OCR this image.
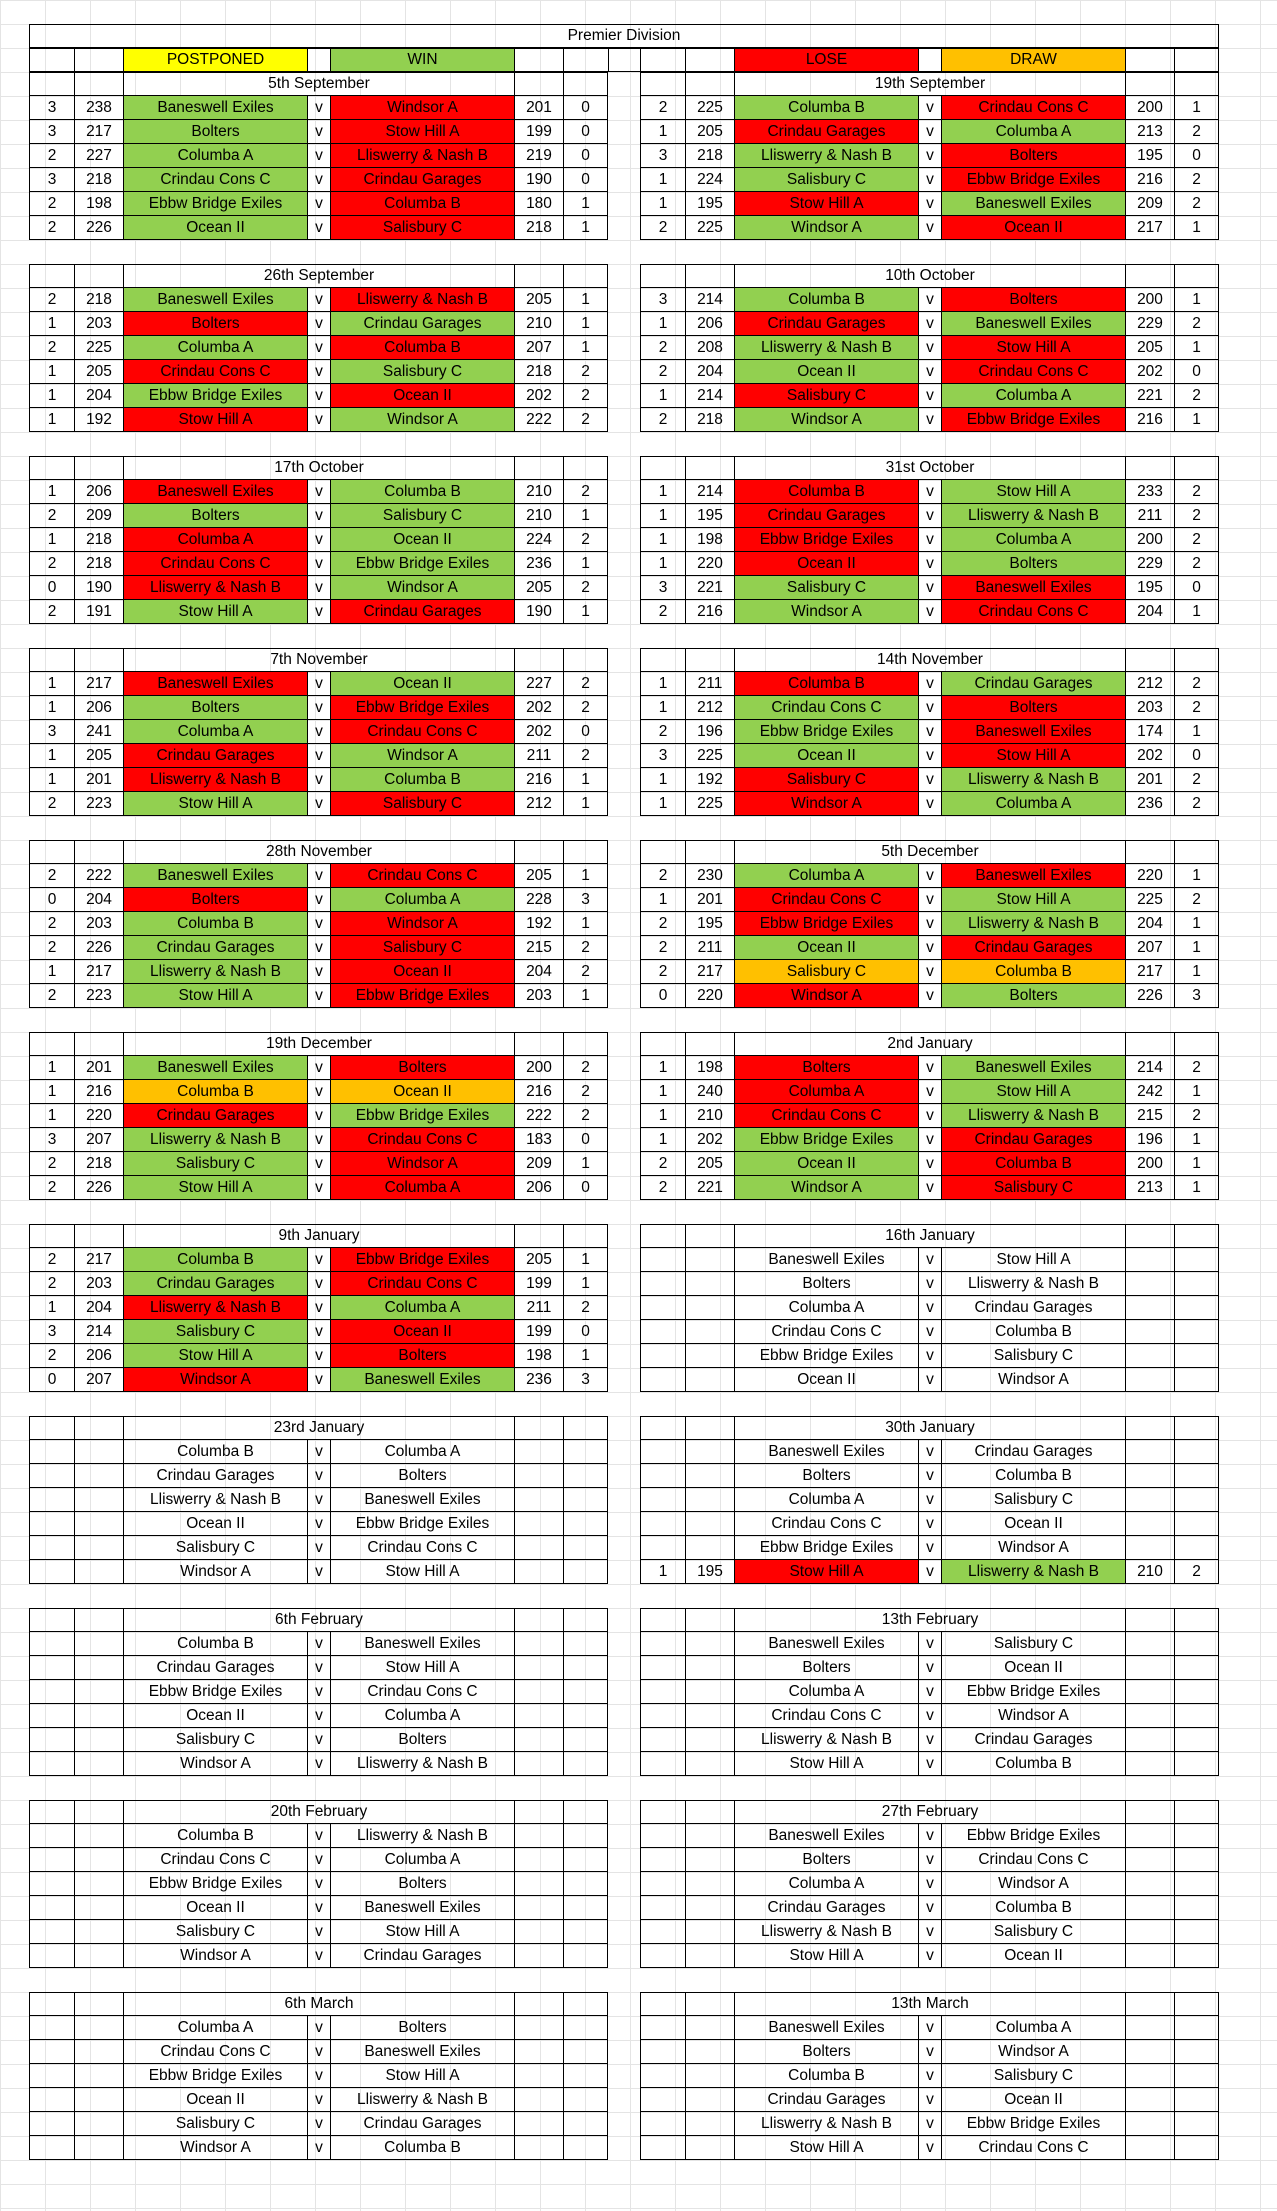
Premier Division
POSTPONED	WIN	LOSE	DRAW
5th September
3	238	Baneswell Exiles	v	Windsor A	201	0
3	217	Bolters	v	Stow Hill A	199	0
2	227	Columba A	v	Lliswerry & Nash B	219	0
3	218	Crindau Cons C	v	Crindau Garages	190	0
2	198	Ebbw Bridge Exiles	v	Columba B	180	1
2	226	Ocean II	v	Salisbury C	218	1
19th September
2	225	Columba B	v	Crindau Cons C	200	1
1	205	Crindau Garages	v	Columba A	213	2
3	218	Lliswerry & Nash B	v	Bolters	195	0
1	224	Salisbury C	v	Ebbw Bridge Exiles	216	2
1	195	Stow Hill A	v	Baneswell Exiles	209	2
2	225	Windsor A	v	Ocean II	217	1
26th September
2	218	Baneswell Exiles	v	Lliswerry & Nash B	205	1
1	203	Bolters	v	Crindau Garages	210	1
2	225	Columba A	v	Columba B	207	1
1	205	Crindau Cons C	v	Salisbury C	218	2
1	204	Ebbw Bridge Exiles	v	Ocean II	202	2
1	192	Stow Hill A	v	Windsor A	222	2
10th October
3	214	Columba B	v	Bolters	200	1
1	206	Crindau Garages	v	Baneswell Exiles	229	2
2	208	Lliswerry & Nash B	v	Stow Hill A	205	1
2	204	Ocean II	v	Crindau Cons C	202	0
1	214	Salisbury C	v	Columba A	221	2
2	218	Windsor A	v	Ebbw Bridge Exiles	216	1
17th October
1	206	Baneswell Exiles	v	Columba B	210	2
2	209	Bolters	v	Salisbury C	210	1
1	218	Columba A	v	Ocean II	224	2
2	218	Crindau Cons C	v	Ebbw Bridge Exiles	236	1
0	190	Lliswerry & Nash B	v	Windsor A	205	2
2	191	Stow Hill A	v	Crindau Garages	190	1
31st October
1	214	Columba B	v	Stow Hill A	233	2
1	195	Crindau Garages	v	Lliswerry & Nash B	211	2
1	198	Ebbw Bridge Exiles	v	Columba A	200	2
1	220	Ocean II	v	Bolters	229	2
3	221	Salisbury C	v	Baneswell Exiles	195	0
2	216	Windsor A	v	Crindau Cons C	204	1
7th November
1	217	Baneswell Exiles	v	Ocean II	227	2
1	206	Bolters	v	Ebbw Bridge Exiles	202	2
3	241	Columba A	v	Crindau Cons C	202	0
1	205	Crindau Garages	v	Windsor A	211	2
1	201	Lliswerry & Nash B	v	Columba B	216	1
2	223	Stow Hill A	v	Salisbury C	212	1
14th November
1	211	Columba B	v	Crindau Garages	212	2
1	212	Crindau Cons C	v	Bolters	203	2
2	196	Ebbw Bridge Exiles	v	Baneswell Exiles	174	1
3	225	Ocean II	v	Stow Hill A	202	0
1	192	Salisbury C	v	Lliswerry & Nash B	201	2
1	225	Windsor A	v	Columba A	236	2
28th November
2	222	Baneswell Exiles	v	Crindau Cons C	205	1
0	204	Bolters	v	Columba A	228	3
2	203	Columba B	v	Windsor A	192	1
2	226	Crindau Garages	v	Salisbury C	215	2
1	217	Lliswerry & Nash B	v	Ocean II	204	2
2	223	Stow Hill A	v	Ebbw Bridge Exiles	203	1
5th December
2	230	Columba A	v	Baneswell Exiles	220	1
1	201	Crindau Cons C	v	Stow Hill A	225	2
2	195	Ebbw Bridge Exiles	v	Lliswerry & Nash B	204	1
2	211	Ocean II	v	Crindau Garages	207	1
2	217	Salisbury C	v	Columba B	217	1
0	220	Windsor A	v	Bolters	226	3
19th December
1	201	Baneswell Exiles	v	Bolters	200	2
1	216	Columba B	v	Ocean II	216	2
1	220	Crindau Garages	v	Ebbw Bridge Exiles	222	2
3	207	Lliswerry & Nash B	v	Crindau Cons C	183	0
2	218	Salisbury C	v	Windsor A	209	1
2	226	Stow Hill A	v	Columba A	206	0
2nd January
1	198	Bolters	v	Baneswell Exiles	214	2
1	240	Columba A	v	Stow Hill A	242	1
1	210	Crindau Cons C	v	Lliswerry & Nash B	215	2
1	202	Ebbw Bridge Exiles	v	Crindau Garages	196	1
2	205	Ocean II	v	Columba B	200	1
2	221	Windsor A	v	Salisbury C	213	1
9th January
2	217	Columba B	v	Ebbw Bridge Exiles	205	1
2	203	Crindau Garages	v	Crindau Cons C	199	1
1	204	Lliswerry & Nash B	v	Columba A	211	2
3	214	Salisbury C	v	Ocean II	199	0
2	206	Stow Hill A	v	Bolters	198	1
0	207	Windsor A	v	Baneswell Exiles	236	3
16th January
Baneswell Exiles	v	Stow Hill A
Bolters	v	Lliswerry & Nash B
Columba A	v	Crindau Garages
Crindau Cons C	v	Columba B
Ebbw Bridge Exiles	v	Salisbury C
Ocean II	v	Windsor A
23rd January
Columba B	v	Columba A
Crindau Garages	v	Bolters
Lliswerry & Nash B	v	Baneswell Exiles
Ocean II	v	Ebbw Bridge Exiles
Salisbury C	v	Crindau Cons C
Windsor A	v	Stow Hill A
30th January
Baneswell Exiles	v	Crindau Garages
Bolters	v	Columba B
Columba A	v	Salisbury C
Crindau Cons C	v	Ocean II
Ebbw Bridge Exiles	v	Windsor A
1	195	Stow Hill A	v	Lliswerry & Nash B	210	2
6th February
Columba B	v	Baneswell Exiles
Crindau Garages	v	Stow Hill A
Ebbw Bridge Exiles	v	Crindau Cons C
Ocean II	v	Columba A
Salisbury C	v	Bolters
Windsor A	v	Lliswerry & Nash B
13th February
Baneswell Exiles	v	Salisbury C
Bolters	v	Ocean II
Columba A	v	Ebbw Bridge Exiles
Crindau Cons C	v	Windsor A
Lliswerry & Nash B	v	Crindau Garages
Stow Hill A	v	Columba B
20th February
Columba B	v	Lliswerry & Nash B
Crindau Cons C	v	Columba A
Ebbw Bridge Exiles	v	Bolters
Ocean II	v	Baneswell Exiles
Salisbury C	v	Stow Hill A
Windsor A	v	Crindau Garages
27th February
Baneswell Exiles	v	Ebbw Bridge Exiles
Bolters	v	Crindau Cons C
Columba A	v	Windsor A
Crindau Garages	v	Columba B
Lliswerry & Nash B	v	Salisbury C
Stow Hill A	v	Ocean II
6th March
Columba A	v	Bolters
Crindau Cons C	v	Baneswell Exiles
Ebbw Bridge Exiles	v	Stow Hill A
Ocean II	v	Lliswerry & Nash B
Salisbury C	v	Crindau Garages
Windsor A	v	Columba B
13th March
Baneswell Exiles	v	Columba A
Bolters	v	Windsor A
Columba B	v	Salisbury C
Crindau Garages	v	Ocean II
Lliswerry & Nash B	v	Ebbw Bridge Exiles
Stow Hill A	v	Crindau Cons C
